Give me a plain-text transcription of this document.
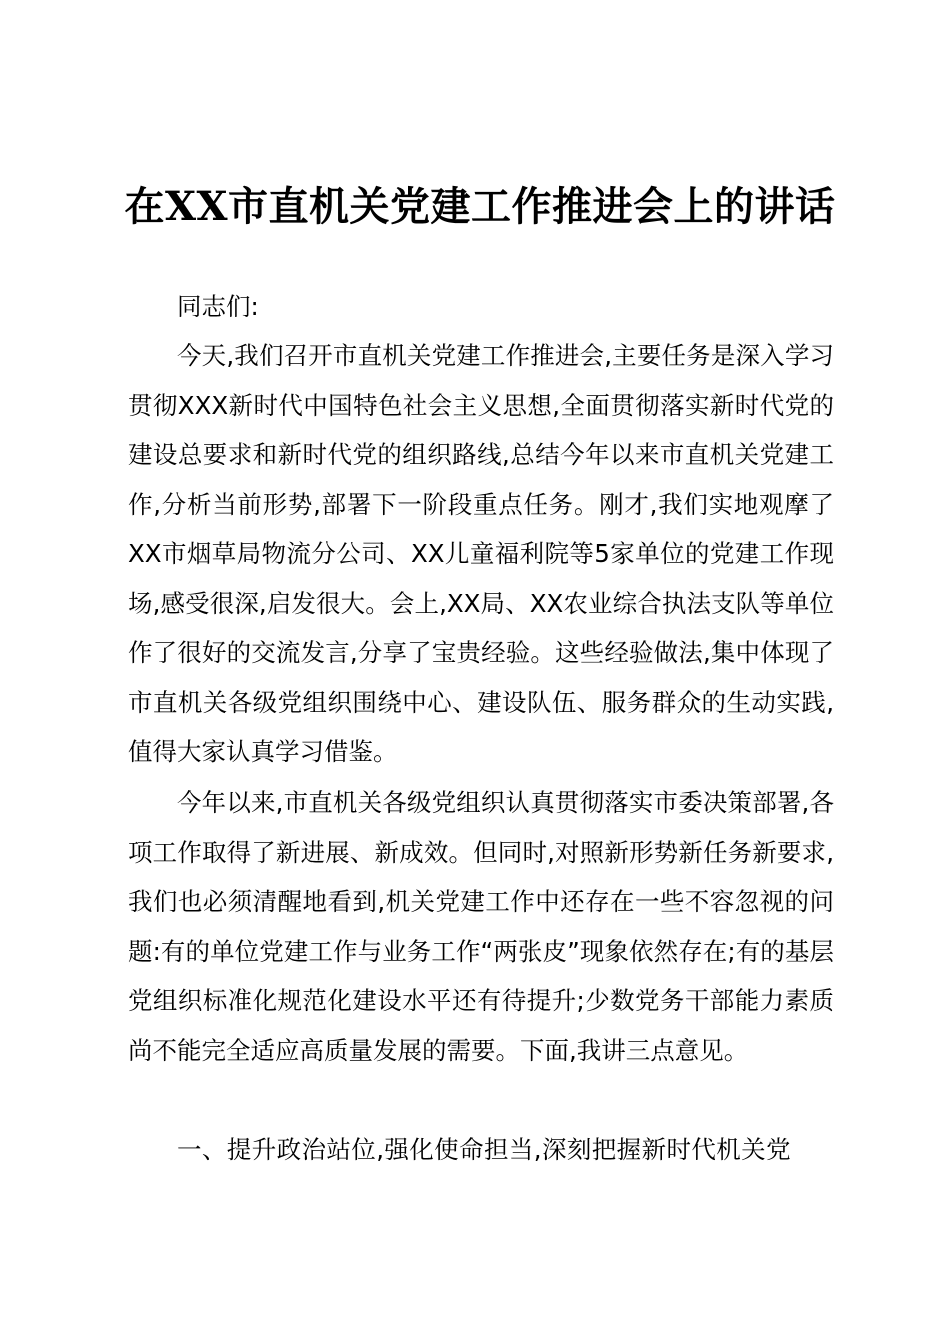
在XX市直机关党建工作推进会上的讲话

同志们:

今天,我们召开市直机关党建工作推进会,主要任务是深入学习贯彻XXX新时代中国特色社会主义思想,全面贯彻落实新时代党的建设总要求和新时代党的组织路线,总结今年以来市直机关党建工作,分析当前形势,部署下一阶段重点任务。刚才,我们实地观摩了XX市烟草局物流分公司、XX儿童福利院等5家单位的党建工作现场,感受很深,启发很大。会上,XX局、XX农业综合执法支队等单位作了很好的交流发言,分享了宝贵经验。这些经验做法,集中体现了市直机关各级党组织围绕中心、建设队伍、服务群众的生动实践,值得大家认真学习借鉴。

今年以来,市直机关各级党组织认真贯彻落实市委决策部署,各项工作取得了新进展、新成效。但同时,对照新形势新任务新要求,我们也必须清醒地看到,机关党建工作中还存在一些不容忽视的问题:有的单位党建工作与业务工作“两张皮”现象依然存在;有的基层党组织标准化规范化建设水平还有待提升;少数党务干部能力素质尚不能完全适应高质量发展的需要。下面,我讲三点意见。

一、提升政治站位,强化使命担当,深刻把握新时代机关党
